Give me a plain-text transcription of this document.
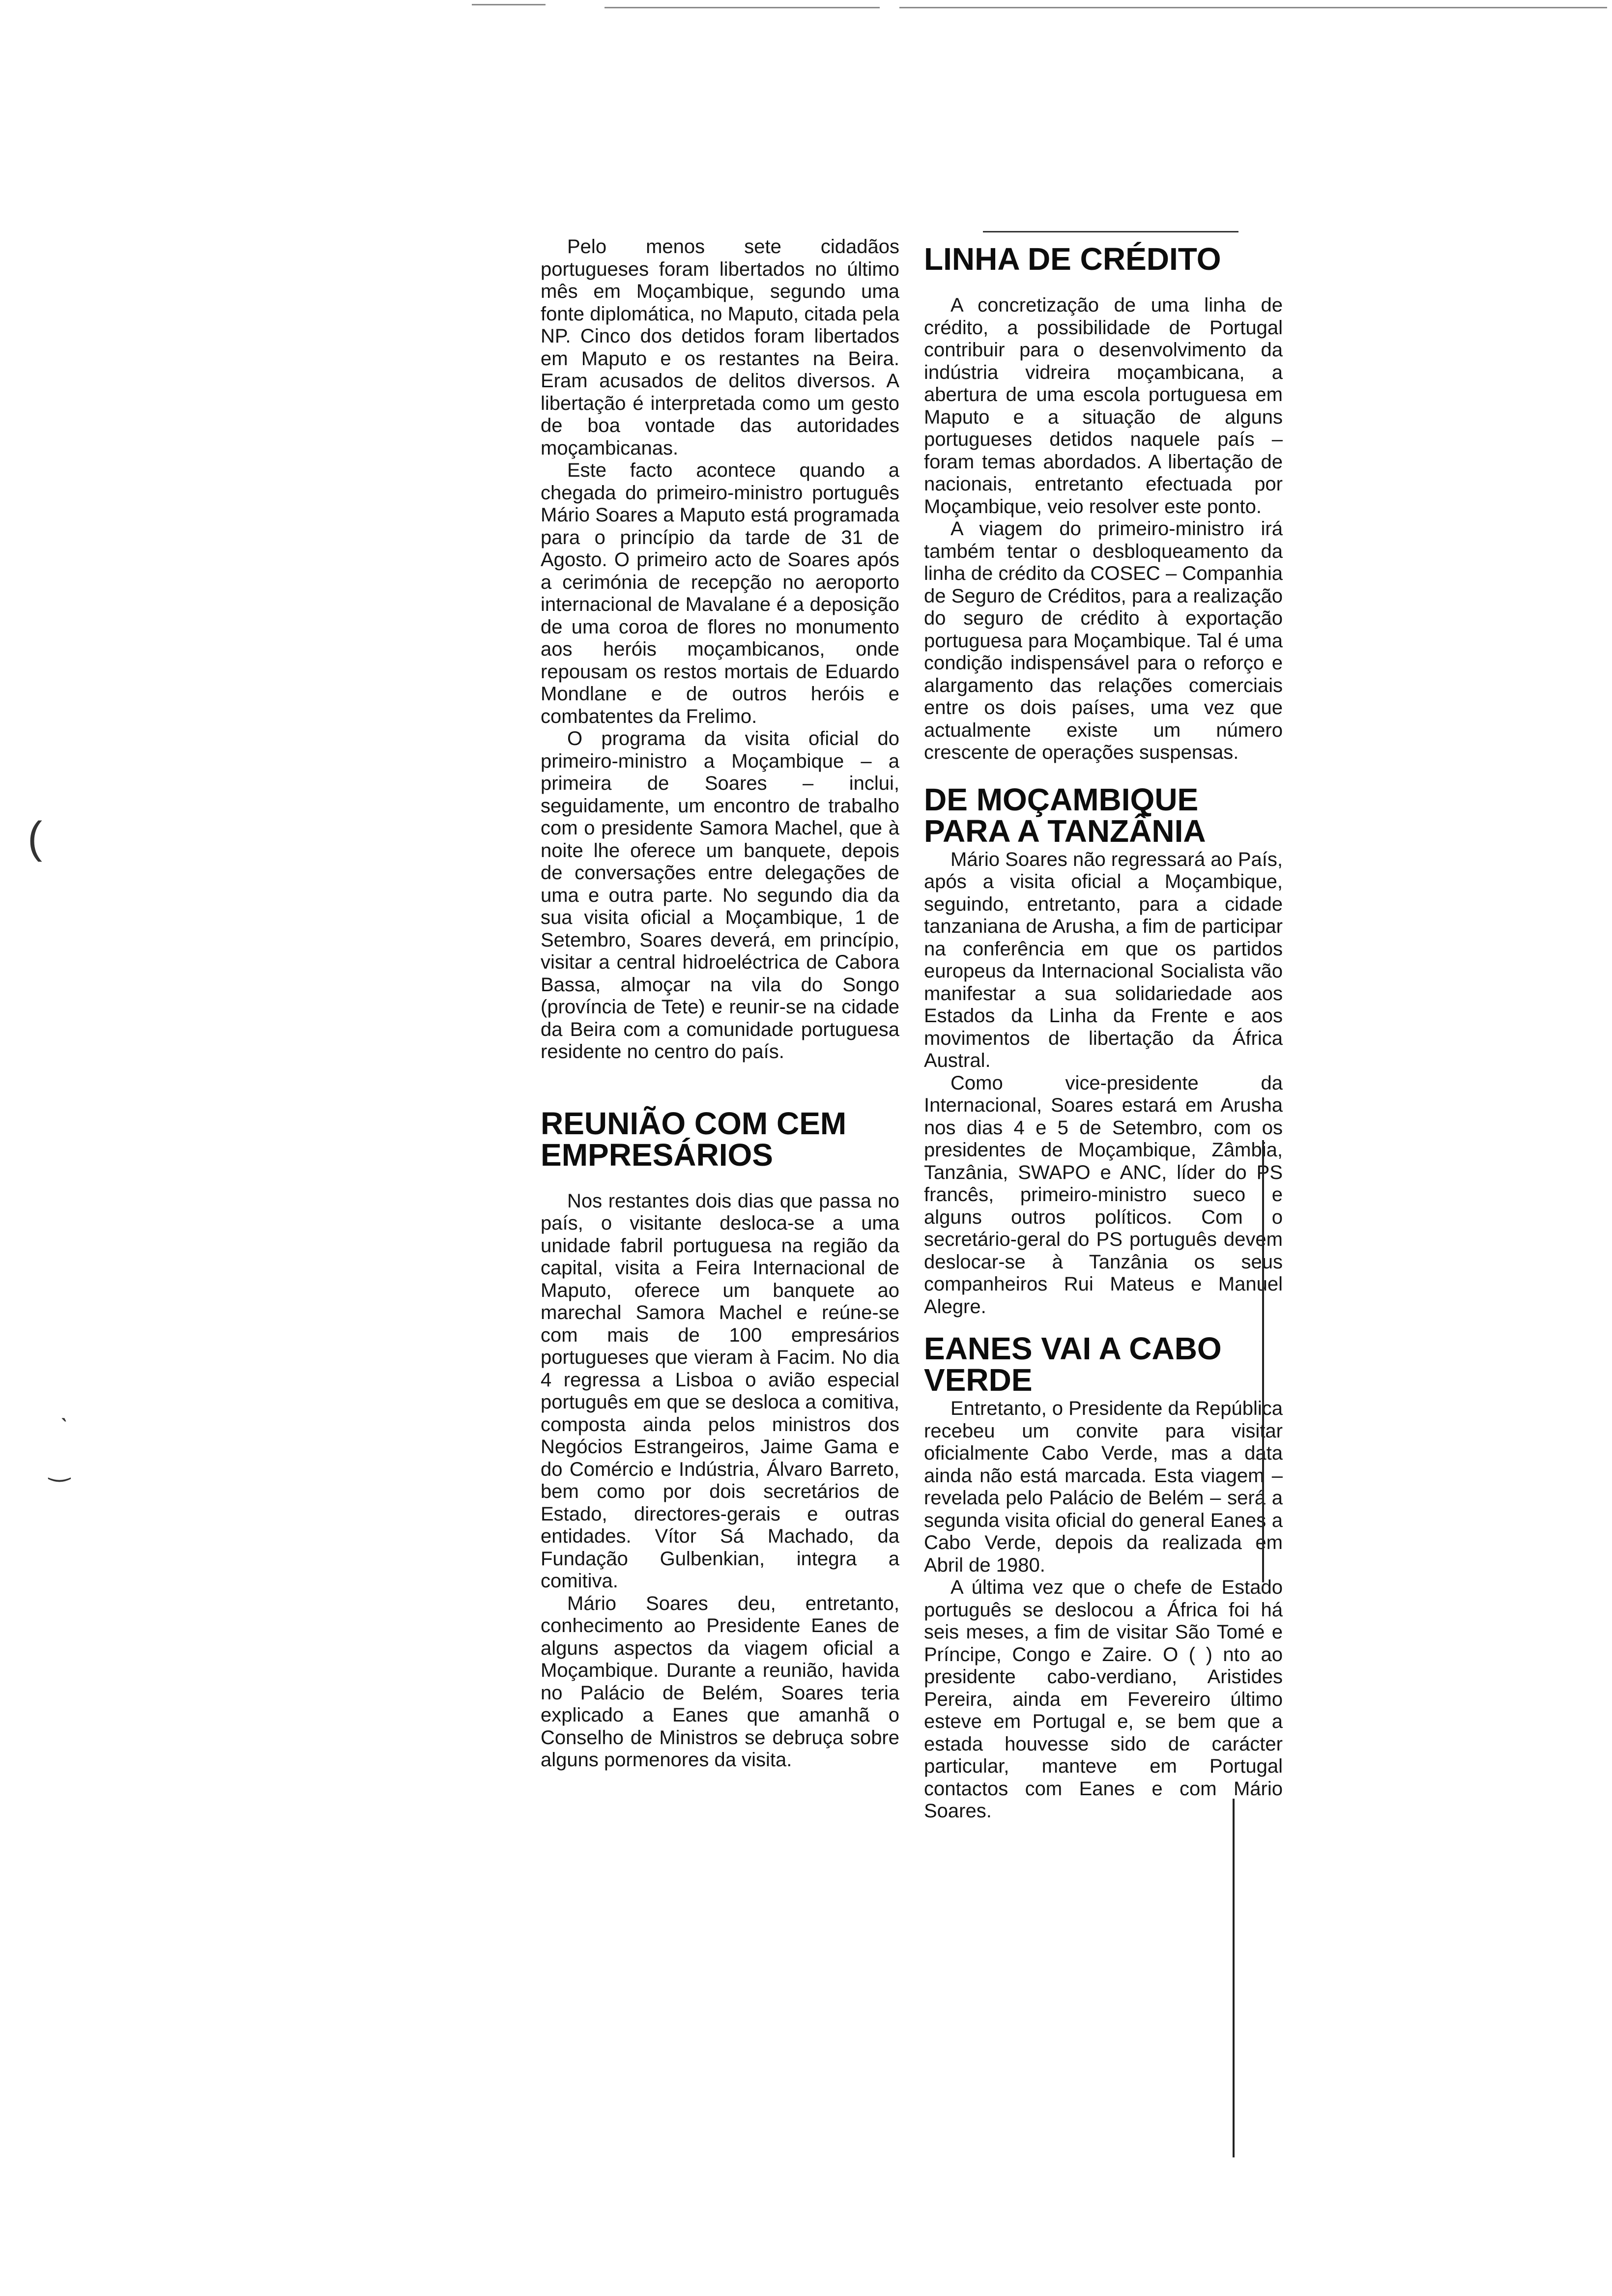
(
ˋ
‿

Pelo menos sete cidadãos portugueses foram libertados no último mês em Moçambique, segundo uma fonte diplomática, no Maputo, citada pela NP. Cinco dos detidos foram libertados em Maputo e os restantes na Beira. Eram acusados de delitos diversos. A libertação é interpretada como um gesto de boa vontade das autoridades moçambicanas.

Este facto acontece quando a chegada do primeiro-ministro português Mário Soares a Maputo está programada para o princípio da tarde de 31 de Agosto. O primeiro acto de Soares após a cerimónia de recepção no aeroporto internacional de Mavalane é a deposição de uma coroa de flores no monumento aos heróis moçambicanos, onde repousam os restos mortais de Eduardo Mondlane e de outros heróis e combatentes da Frelimo.

O programa da visita oficial do primeiro-ministro a Moçambique – a primeira de Soares – inclui, seguidamente, um encontro de trabalho com o presidente Samora Machel, que à noite lhe oferece um banquete, depois de conversações entre delegações de uma e outra parte. No segundo dia da sua visita oficial a Moçambique, 1 de Setembro, Soares deverá, em princípio, visitar a central hidroeléctrica de Cabora Bassa, almoçar na vila do Songo (província de Tete) e reunir-se na cidade da Beira com a comunidade portuguesa residente no centro do país.

REUNIÃO COM CEM EMPRESÁRIOS

Nos restantes dois dias que passa no país, o visitante desloca-se a uma unidade fabril portuguesa na região da capital, visita a Feira Internacional de Maputo, oferece um banquete ao marechal Samora Machel e reúne-se com mais de 100 empresários portugueses que vieram à Facim. No dia 4 regressa a Lisboa o avião especial português em que se desloca a comitiva, composta ainda pelos ministros dos Negócios Estrangeiros, Jaime Gama e do Comércio e Indústria, Álvaro Barreto, bem como por dois secretários de Estado, directores-gerais e outras entidades. Vítor Sá Machado, da Fundação Gulbenkian, integra a comitiva.

Mário Soares deu, entretanto, conhecimento ao Presidente Eanes de alguns aspectos da viagem oficial a Moçambique. Durante a reunião, havida no Palácio de Belém, Soares teria explicado a Eanes que amanhã o Conselho de Ministros se debruça sobre alguns pormenores da visita.

LINHA DE CRÉDITO

A concretização de uma linha de crédito, a possibilidade de Portugal contribuir para o desenvolvimento da indústria vidreira moçambicana, a abertura de uma escola portuguesa em Maputo e a situação de alguns portugueses detidos naquele país – foram temas abordados. A libertação de nacionais, entretanto efectuada por Moçambique, veio resolver este ponto.

A viagem do primeiro-ministro irá também tentar o desbloqueamento da linha de crédito da COSEC – Companhia de Seguro de Créditos, para a realização do seguro de crédito à exportação portuguesa para Moçambique. Tal é uma condição indispensável para o reforço e alargamento das relações comerciais entre os dois países, uma vez que actualmente existe um número crescente de operações suspensas.

DE MOÇAMBIQUE PARA A TANZÂNIA

Mário Soares não regressará ao País, após a visita oficial a Moçambique, seguindo, entretanto, para a cidade tanzaniana de Arusha, a fim de participar na conferência em que os partidos europeus da Internacional Socialista vão manifestar a sua solidariedade aos Estados da Linha da Frente e aos movimentos de libertação da África Austral.

Como vice-presidente da Internacional, Soares estará em Arusha nos dias 4 e 5 de Setembro, com os presidentes de Moçambique, Zâmbia, Tanzânia, SWAPO e ANC, líder do PS francês, primeiro-ministro sueco e alguns outros políticos. Com o secretário-geral do PS português devem deslocar-se à Tanzânia os seus companheiros Rui Mateus e Manuel Alegre.

EANES VAI A CABO VERDE

Entretanto, o Presidente da República recebeu um convite para visitar oficialmente Cabo Verde, mas a data ainda não está marcada. Esta viagem – revelada pelo Palácio de Belém – será a segunda visita oficial do general Eanes a Cabo Verde, depois da realizada em Abril de 1980.

A última vez que o chefe de Estado português se deslocou a África foi há seis meses, a fim de visitar São Tomé e Príncipe, Congo e Zaire. O ( ) nto ao presidente cabo-verdiano, Aristides Pereira, ainda em Fevereiro último esteve em Portugal e, se bem que a estada houvesse sido de carácter particular, manteve em Portugal contactos com Eanes e com Mário Soares.
